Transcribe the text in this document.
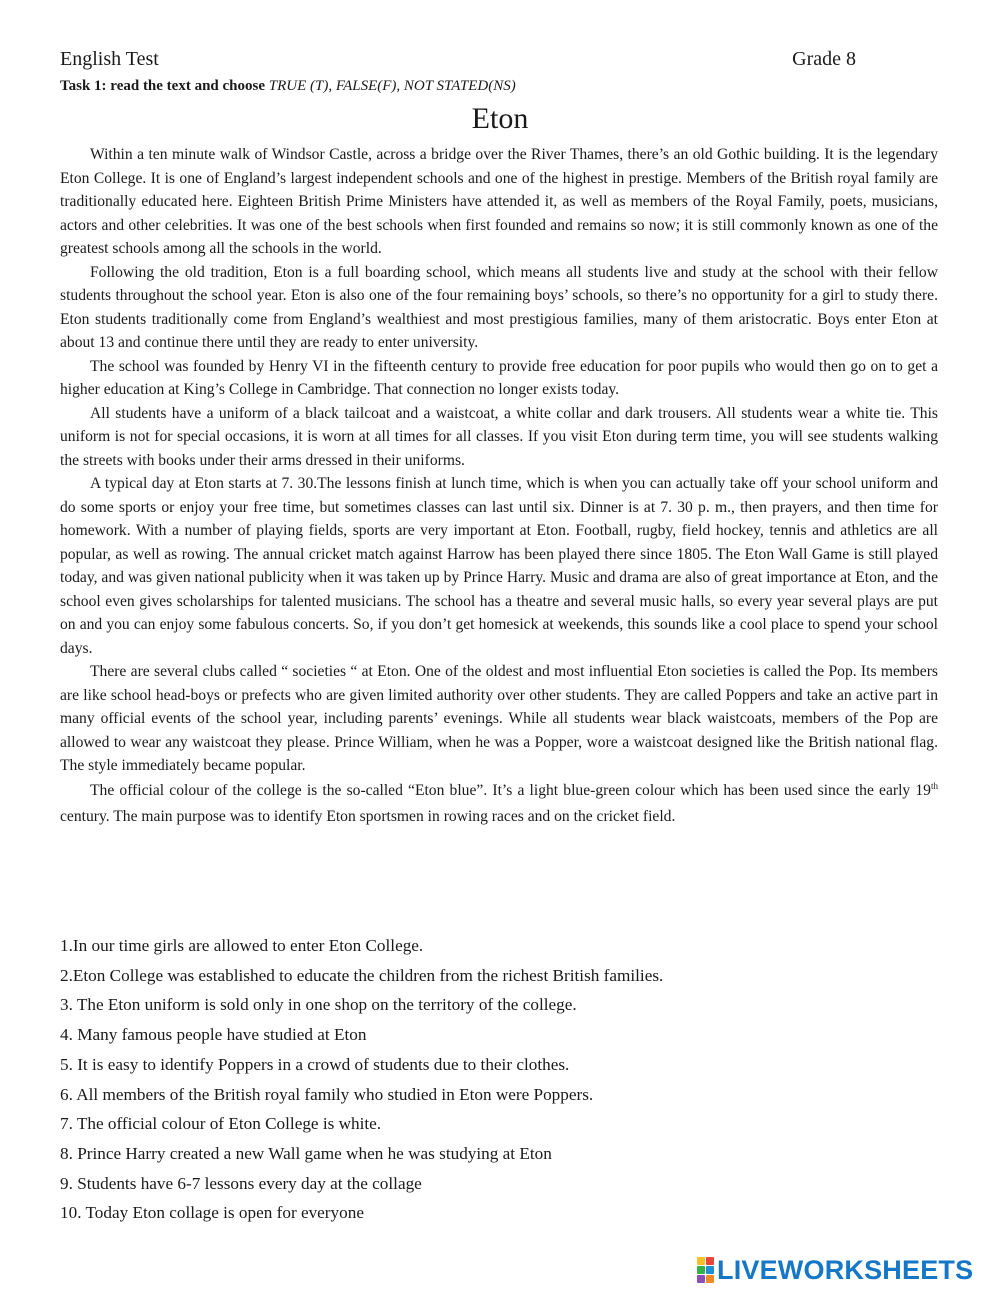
English Test	Grade 8
Task 1: read the text and choose TRUE (T), FALSE(F), NOT STATED(NS)
Eton

Within a ten minute walk of Windsor Castle, across a bridge over the River Thames, there’s an old Gothic building. It is the legendary Eton College. It is one of England’s largest independent schools and one of the highest in prestige. Members of the British royal family are traditionally educated here. Eighteen British Prime Ministers have attended it, as well as members of the Royal Family, poets, musicians, actors and other celebrities. It was one of the best schools when first founded and remains so now; it is still commonly known as one of the greatest schools among all the schools in the world.

Following the old tradition, Eton is a full boarding school, which means all students live and study at the school with their fellow students throughout the school year. Eton is also one of the four remaining boys’ schools, so there’s no opportunity for a girl to study there. Eton students traditionally come from England’s wealthiest and most prestigious families, many of them aristocratic. Boys enter Eton at about 13 and continue there until they are ready to enter university.

The school was founded by Henry VI in the fifteenth century to provide free education for poor pupils who would then go on to get a higher education at King’s College in Cambridge. That connection no longer exists today.

All students have a uniform of a black tailcoat and a waistcoat, a white collar and dark trousers. All students wear a white tie. This uniform is not for special occasions, it is worn at all times for all classes. If you visit Eton during term time, you will see students walking the streets with books under their arms dressed in their uniforms.

A typical day at Eton starts at 7. 30.The lessons finish at lunch time, which is when you can actually take off your school uniform and do some sports or enjoy your free time, but sometimes classes can last until six. Dinner is at 7. 30 p. m., then prayers, and then time for homework. With a number of playing fields, sports are very important at Eton. Football, rugby, field hockey, tennis and athletics are all popular, as well as rowing. The annual cricket match against Harrow has been played there since 1805. The Eton Wall Game is still played today, and was given national publicity when it was taken up by Prince Harry. Music and drama are also of great importance at Eton, and the school even gives scholarships for talented musicians. The school has a theatre and several music halls, so every year several plays are put on and you can enjoy some fabulous concerts. So, if you don’t get homesick at weekends, this sounds like a cool place to spend your school days.

There are several clubs called “ societies “ at Eton. One of the oldest and most influential Eton societies is called the Pop. Its members are like school head-boys or prefects who are given limited authority over other students. They are called Poppers and take an active part in many official events of the school year, including parents’ evenings. While all students wear black waistcoats, members of the Pop are allowed to wear any waistcoat they please. Prince William, when he was a Popper, wore a waistcoat designed like the British national flag. The style immediately became popular.

The official colour of the college is the so-called “Eton blue”. It’s a light blue-green colour which has been used since the early 19th century. The main purpose was to identify Eton sportsmen in rowing races and on the cricket field.

1.In our time girls are allowed to enter Eton College.
2.Eton College was established to educate the children from the richest British families.
3. The Eton uniform is sold only in one shop on the territory of the college.
4. Many famous people have studied at Eton
5. It is easy to identify Poppers in a crowd of students due to their clothes.
6. All members of the British royal family who studied in Eton were Poppers.
7. The official colour of Eton College is white.
8. Prince Harry created a new Wall game when he was studying at Eton
9. Students have 6-7 lessons every day at the collage
10. Today Eton collage is open for everyone
LIVEWORKSHEETS
